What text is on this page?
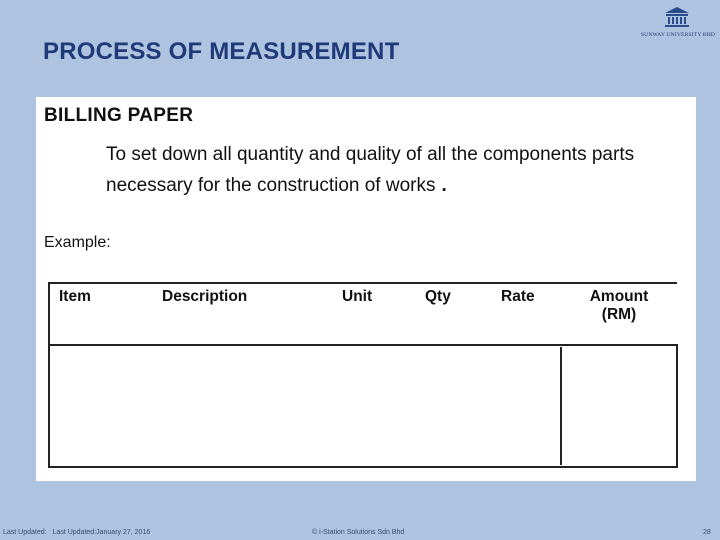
SUNWAY UNIVERSITY BHD
PROCESS OF MEASUREMENT
BILLING PAPER
To set down all quantity and quality of all the components parts necessary for the construction of works .
Example:
Item	Description	Unit	Qty	Rate	Amount
(RM)

Last Updated: Last Updated:January 27, 2016	© i-Station Solutions Sdn Bhd	28
